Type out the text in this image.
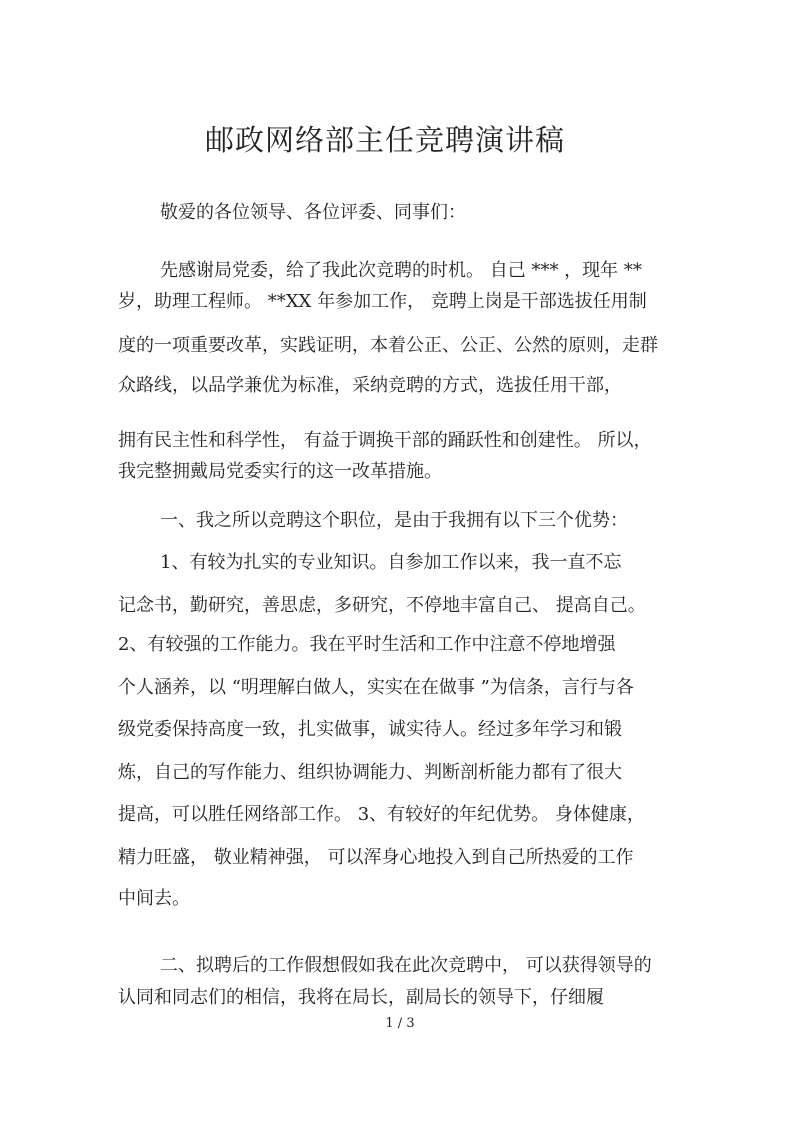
邮政网络部主任竞聘演讲稿
敬爱的各位领导、各位评委、同事们：
先感谢局党委，给了我此次竞聘的时机。 自己 *** ，现年 **
岁，助理工程师。 **XX 年参加工作， 竞聘上岗是干部选拔任用制
度的一项重要改革，实践证明，本着公正、公正、公然的原则，走群
众路线，以品学兼优为标准，采纳竞聘的方式，选拔任用干部，
拥有民主性和科学性， 有益于调换干部的踊跃性和创建性。 所以，
我完整拥戴局党委实行的这一改革措施。
一、我之所以竞聘这个职位，是由于我拥有以下三个优势：
1、有较为扎实的专业知识。自参加工作以来，我一直不忘
记念书，勤研究，善思虑，多研究，不停地丰富自己、 提高自己。
2、有较强的工作能力。我在平时生活和工作中注意不停地增强
个人涵养，以 “明理解白做人，实实在在做事 ”为信条，言行与各
级党委保持高度一致，扎实做事，诚实待人。经过多年学习和锻
炼，自己的写作能力、组织协调能力、判断剖析能力都有了很大
提高，可以胜任网络部工作。 3、有较好的年纪优势。 身体健康，
精力旺盛， 敬业精神强， 可以浑身心地投入到自己所热爱的工作
中间去。
二、拟聘后的工作假想假如我在此次竞聘中， 可以获得领导的
认同和同志们的相信，我将在局长，副局长的领导下，仔细履
1 / 3
